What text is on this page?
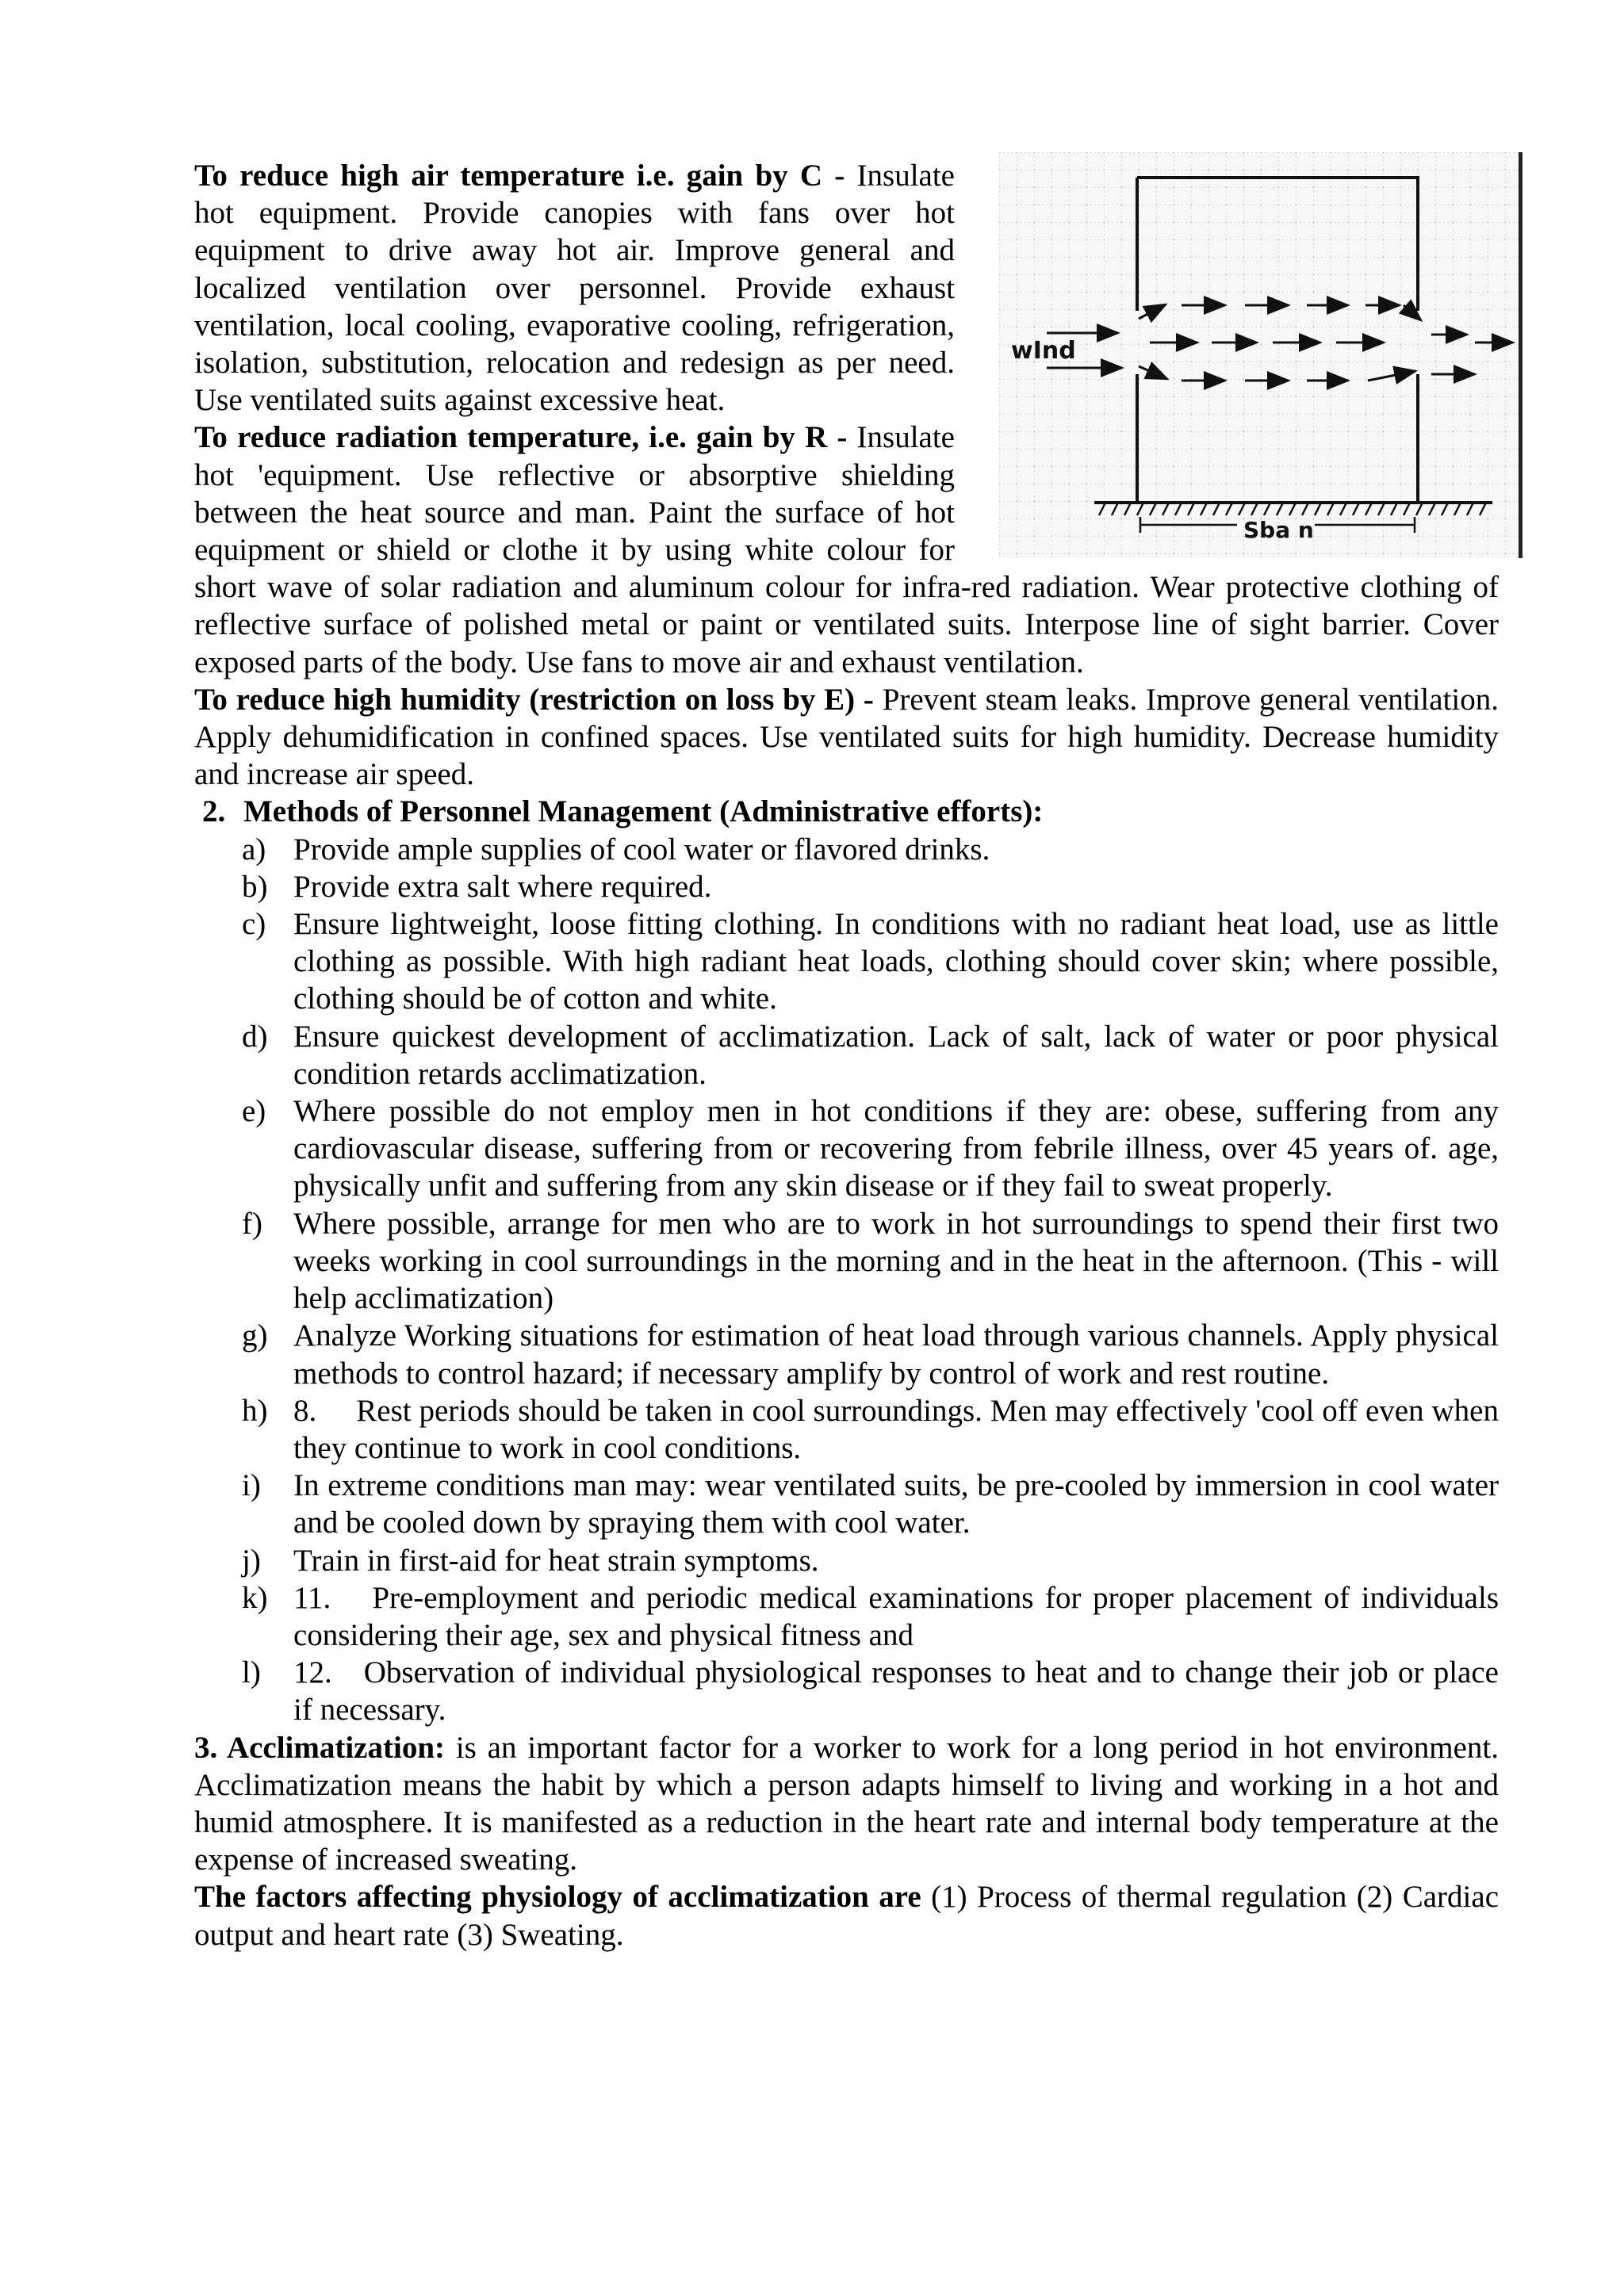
wInd
Sba n

To reduce high air temperature i.e. gain by C - Insulate hot equipment. Provide canopies with fans over hot equipment to drive away hot air. Improve general and localized ventilation over personnel. Provide exhaust ventilation, local cooling, evaporative cooling, refrigeration, isolation, substitution, relocation and redesign as per need. Use ventilated suits against excessive heat.

To reduce radiation temperature, i.e. gain by R - Insulate hot 'equipment. Use reflective or absorptive shielding between the heat source and man. Paint the surface of hot equipment or shield or clothe it by using white colour for short wave of solar radiation and aluminum colour for infra-red radiation. Wear protective clothing of reflective surface of polished metal or paint or ventilated suits. Interpose line of sight barrier. Cover exposed parts of the body. Use fans to move air and exhaust ventilation.

To reduce high humidity (restriction on loss by E) - Prevent steam leaks. Improve general ventilation. Apply dehumidification in confined spaces. Use ventilated suits for high humidity. Decrease humidity and increase air speed.

2. Methods of Personnel Management (Administrative efforts):
a) Provide ample supplies of cool water or flavored drinks.
b) Provide extra salt where required.
c) Ensure lightweight, loose fitting clothing. In conditions with no radiant heat load, use as little clothing as possible. With high radiant heat loads, clothing should cover skin; where possible, clothing should be of cotton and white.
d) Ensure quickest development of acclimatization. Lack of salt, lack of water or poor physical condition retards acclimatization.
e) Where possible do not employ men in hot conditions if they are: obese, suffering from any cardiovascular disease, suffering from or recovering from febrile illness, over 45 years of. age, physically unfit and suffering from any skin disease or if they fail to sweat properly.
f)	Where possible, arrange for men who are to work in hot surroundings to spend their first two weeks working in cool surroundings in the morning and in the heat in the afternoon. (This - will help acclimatization)
g) Analyze Working situations for estimation of heat load through various channels. Apply physical methods to control hazard; if necessary amplify by control of work and rest routine.
h) 8. Rest periods should be taken in cool surroundings. Men may effectively 'cool off even when they continue to work in cool conditions.
i)	In extreme conditions man may: wear ventilated suits, be pre-cooled by immersion in cool water and be cooled down by spraying them with cool water.
j)	Train in first-aid for heat strain symptoms.
k) 11. Pre-employment and periodic medical examinations for proper placement of individuals considering their age, sex and physical fitness and
l)	12. Observation of individual physiological responses to heat and to change their job or place if necessary.

3. Acclimatization: is an important factor for a worker to work for a long period in hot environment. Acclimatization means the habit by which a person adapts himself to living and working in a hot and humid atmosphere. It is manifested as a reduction in the heart rate and internal body temperature at the expense of increased sweating.

The factors affecting physiology of acclimatization are (1) Process of thermal regulation (2) Cardiac output and heart rate (3) Sweating.
